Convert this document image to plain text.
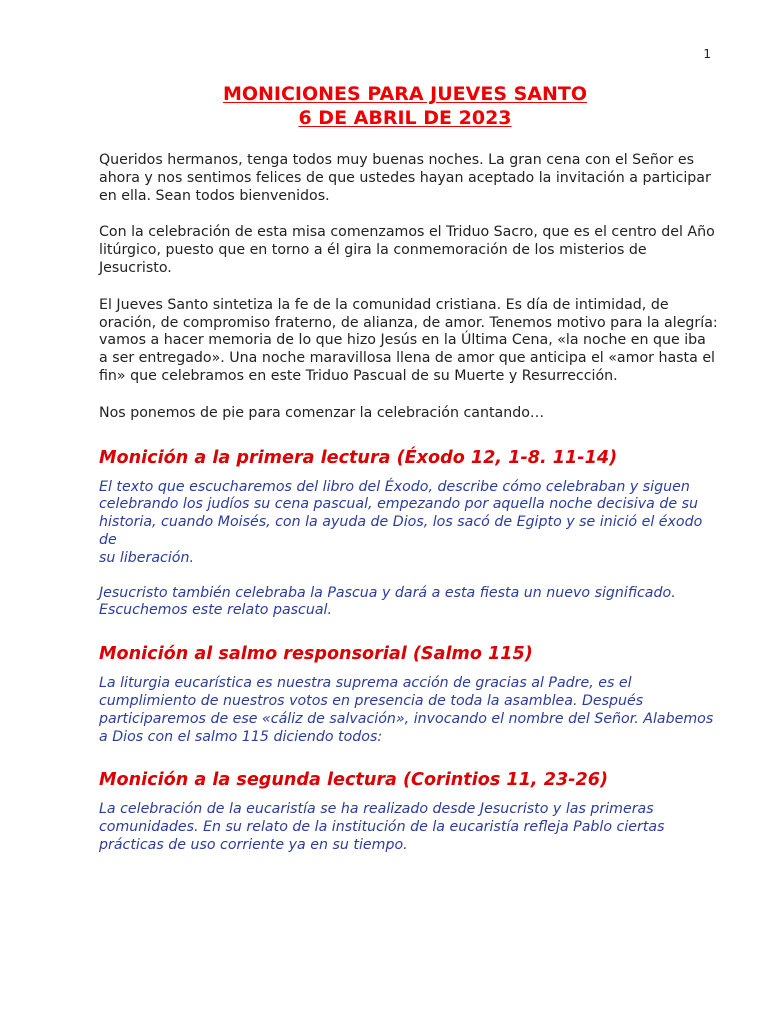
1
MONICIONES PARA JUEVES SANTO
6 DE ABRIL DE 2023

Queridos hermanos, tenga todos muy buenas noches. La gran cena con el Señor es ahora y nos sentimos felices de que ustedes hayan aceptado la invitación a participar en ella. Sean todos bienvenidos.

Con la celebración de esta misa comenzamos el Triduo Sacro, que es el centro del Año litúrgico, puesto que en torno a él gira la conmemoración de los misterios de Jesucristo.

El Jueves Santo sintetiza la fe de la comunidad cristiana. Es día de intimidad, de oración, de compromiso fraterno, de alianza, de amor. Tenemos motivo para la alegría: vamos a hacer memoria de lo que hizo Jesús en la Última Cena, «la noche en que iba a ser entregado». Una noche maravillosa llena de amor que anticipa el «amor hasta el fin» que celebramos en este Triduo Pascual de su Muerte y Resurrección.

Nos ponemos de pie para comenzar la celebración cantando…

Monición a la primera lectura (Éxodo 12, 1-8. 11-14)

El texto que escucharemos del libro del Éxodo, describe cómo celebraban y siguen celebrando los judíos su cena pascual, empezando por aquella noche decisiva de su historia, cuando Moisés, con la ayuda de Dios, los sacó de Egipto y se inició el éxodo de

su liberación.

Jesucristo también celebraba la Pascua y dará a esta fiesta un nuevo significado. Escuchemos este relato pascual.

Monición al salmo responsorial (Salmo 115)

La liturgia eucarística es nuestra suprema acción de gracias al Padre, es el cumplimiento de nuestros votos en presencia de toda la asamblea. Después participaremos de ese «cáliz de salvación», invocando el nombre del Señor. Alabemos a Dios con el salmo 115 diciendo todos:

Monición a la segunda lectura (Corintios 11, 23-26)

La celebración de la eucaristía se ha realizado desde Jesucristo y las primeras comunidades. En su relato de la institución de la eucaristía refleja Pablo ciertas prácticas de uso corriente ya en su tiempo.
